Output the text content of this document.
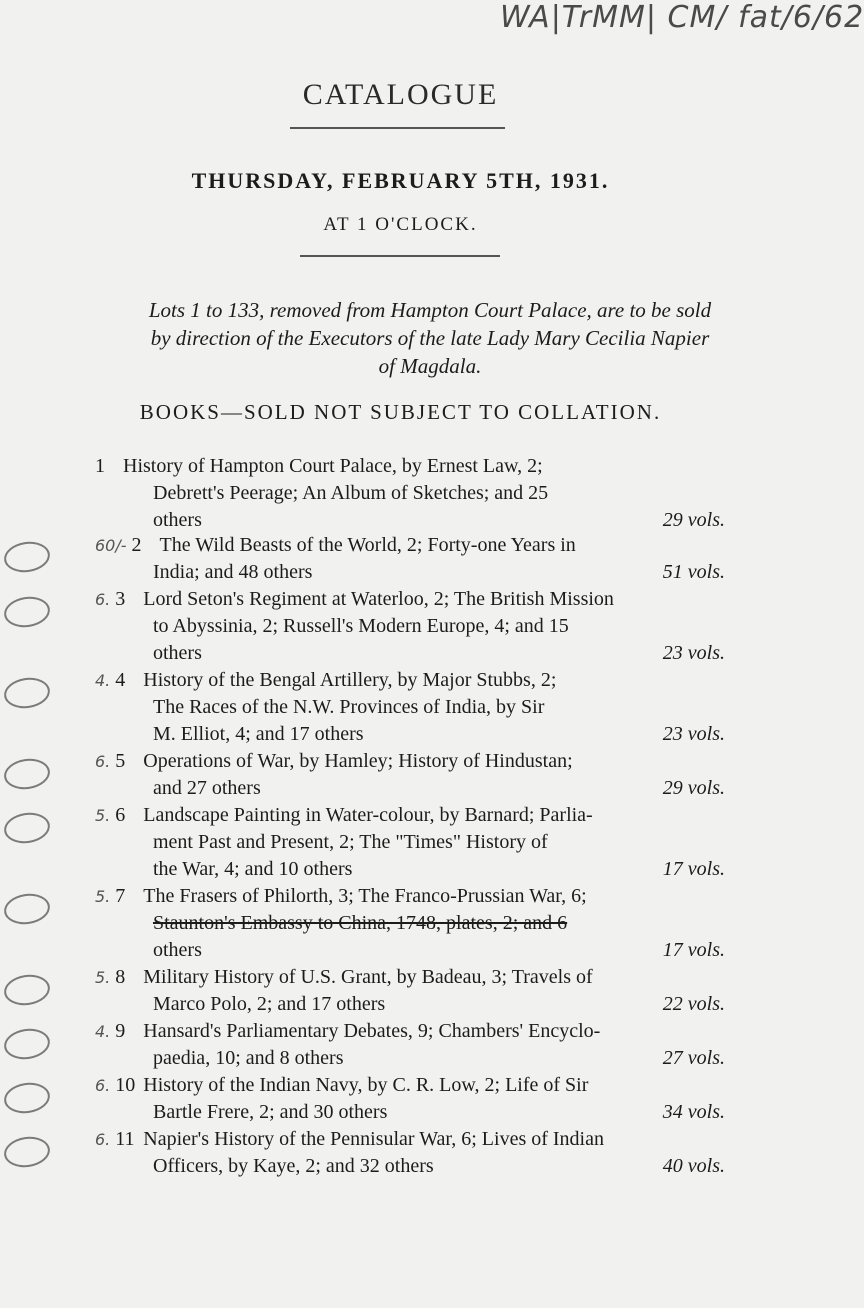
WA|TrMM| CM/ fat/6/62
CATALOGUE
THURSDAY, FEBRUARY 5TH, 1931.
AT 1 O'CLOCK.
Lots 1 to 133, removed from Hampton Court Palace, are to be sold
by direction of the Executors of the late Lady Mary Cecilia Napier
of Magdala.
BOOKS—SOLD NOT SUBJECT TO COLLATION.
1 History of Hampton Court Palace, by Ernest Law, 2;
Debrett's Peerage; An Album of Sketches; and 25
others	29 vols.
60/- 2 The Wild Beasts of the World, 2; Forty-one Years in
India; and 48 others	51 vols.
6. 3 Lord Seton's Regiment at Waterloo, 2; The British Mission
to Abyssinia, 2; Russell's Modern Europe, 4; and 15
others	23 vols.
4. 4 History of the Bengal Artillery, by Major Stubbs, 2;
The Races of the N.W. Provinces of India, by Sir
M. Elliot, 4; and 17 others	23 vols.
6. 5 Operations of War, by Hamley; History of Hindustan;
and 27 others	29 vols.
5. 6 Landscape Painting in Water-colour, by Barnard; Parlia-
ment Past and Present, 2; The "Times" History of
the War, 4; and 10 others	17 vols.
5. 7 The Frasers of Philorth, 3; The Franco-Prussian War, 6;
Staunton's Embassy to China, 1748, plates, 2; and 6
others	17 vols.
5. 8 Military History of U.S. Grant, by Badeau, 3; Travels of
Marco Polo, 2; and 17 others	22 vols.
4. 9 Hansard's Parliamentary Debates, 9; Chambers' Encyclo-
paedia, 10; and 8 others	27 vols.
6. 10 History of the Indian Navy, by C. R. Low, 2; Life of Sir
Bartle Frere, 2; and 30 others	34 vols.
6. 11 Napier's History of the Pennisular War, 6; Lives of Indian
Officers, by Kaye, 2; and 32 others	40 vols.
